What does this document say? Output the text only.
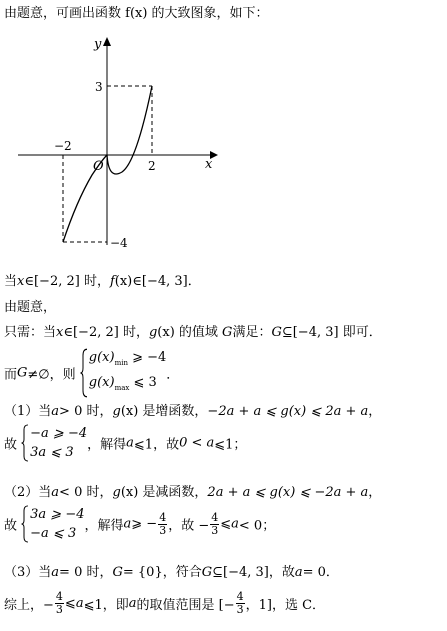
由题意，可画出函数 f(x) 的大致图象，如下：
y
x
O
−2
2
3
−4
当x∈[−2, 2] 时，f(x)∈[−4, 3]．
由题意，
只需：当x∈[−2, 2] 时，g(x) 的值域 G满足：G⊆[−4, 3] 即可．
而G≠∅，则
$g(x)_{min}$ ⩾ −4
$g(x)_{max}$ ⩽ 3 ．
（1）当a> 0 时，g(x) 是增函数，−2a + a ⩽ g(x) ⩽ 2a + a，
故
−a ⩾ −4
3a ⩽ 3	，解得a⩽1，故0 < a⩽1；
（2）当a< 0 时，g(x) 是减函数，2a + a ⩽ g(x) ⩽ −2a + a，
故
3a ⩾ −4
−a ⩽ 3 ，解得a⩾ − $\frac{4}{3}$ ，故 − $\frac{4}{3}$ ⩽a< 0；
（3）当a= 0 时，G= {0}，符合G⊆[−4, 3]，故a= 0．
综上，− $\frac{4}{3}$ ⩽a⩽1，即a的取值范围是 [− $\frac{4}{3}$ ，1]，选 C．
